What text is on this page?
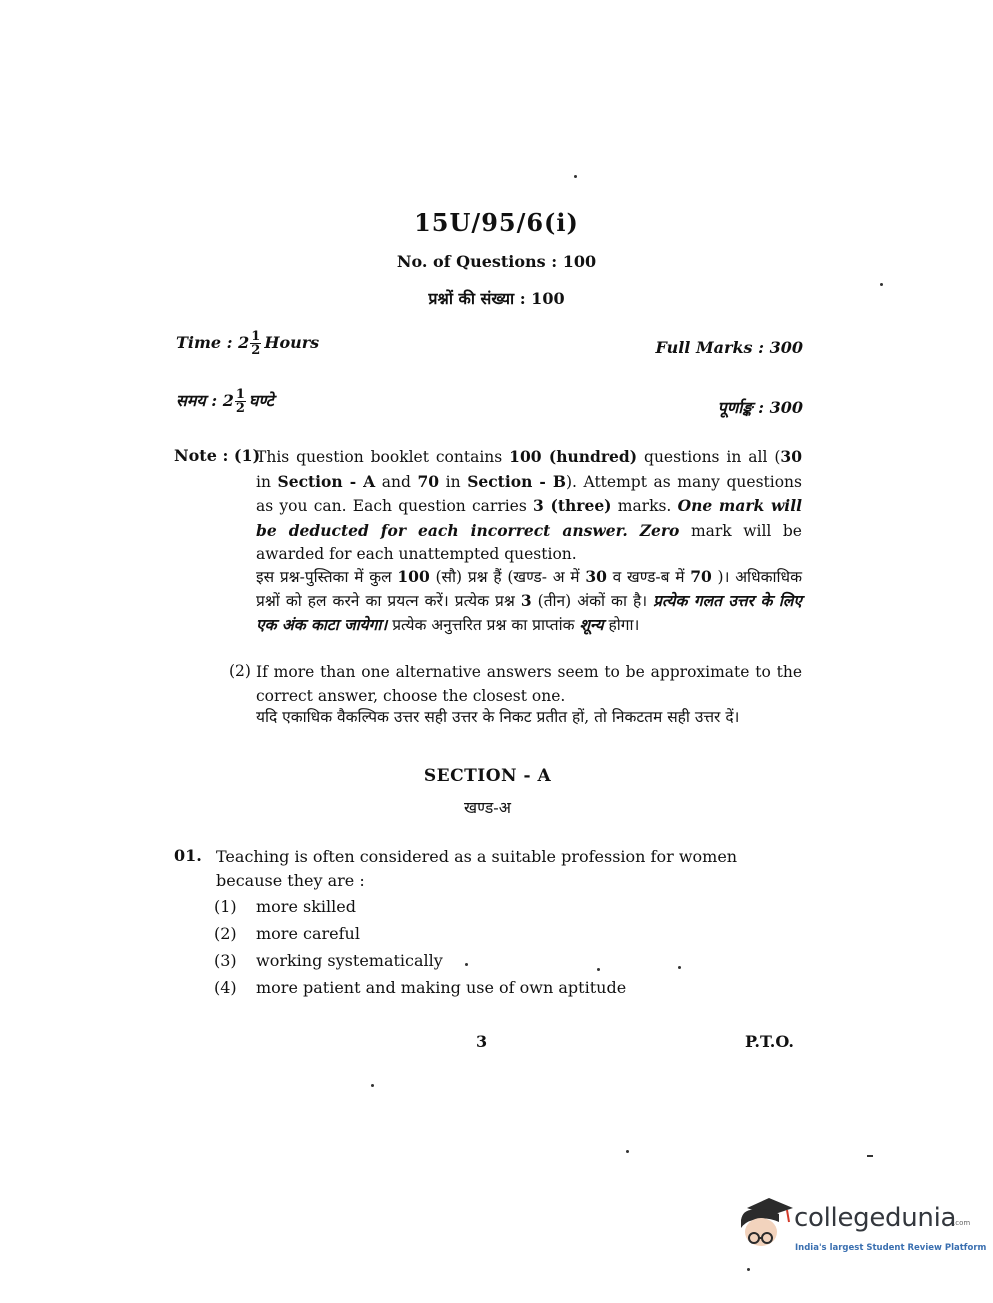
15U/95/6(i)
No. of Questions : 100
प्रश्नों की संख्या : 100
Time : $2 \frac{1}{2}$ Hours	Full Marks : 300
समय : $2 \frac{1}{2}$ घण्टे	पूर्णाङ्क : 300
Note : (1)
This question booklet contains 100 (hundred) questions in all (30 in Section - A and 70 in Section - B). Attempt as many questions as you can. Each question carries 3 (three) marks. One mark will be deducted for each incorrect answer. Zero mark will be awarded for each unattempted question.
इस प्रश्न-पुस्तिका में कुल 100 (सौ) प्रश्न हैं (खण्ड- अ में 30 व खण्ड-ब में 70 )। अधिकाधिक प्रश्नों को हल करने का प्रयत्न करें। प्रत्येक प्रश्न 3 (तीन) अंकों का है। प्रत्येक गलत उत्तर के लिए एक अंक काटा जायेगा। प्रत्येक अनुत्तरित प्रश्न का प्राप्तांक शून्य होगा।
(2) If more than one alternative answers seem to be approximate to the correct answer, choose the closest one.
यदि एकाधिक वैकल्पिक उत्तर सही उत्तर के निकट प्रतीत हों, तो निकटतम सही उत्तर दें।
SECTION - A
खण्ड-अ
01. Teaching is often considered as a suitable profession for women because they are :
(1) more skilled
(2) more careful
(3) working systematically
(4) more patient and making use of own aptitude
3	P.T.O.
collegedunia
.com
India's largest Student Review Platform
